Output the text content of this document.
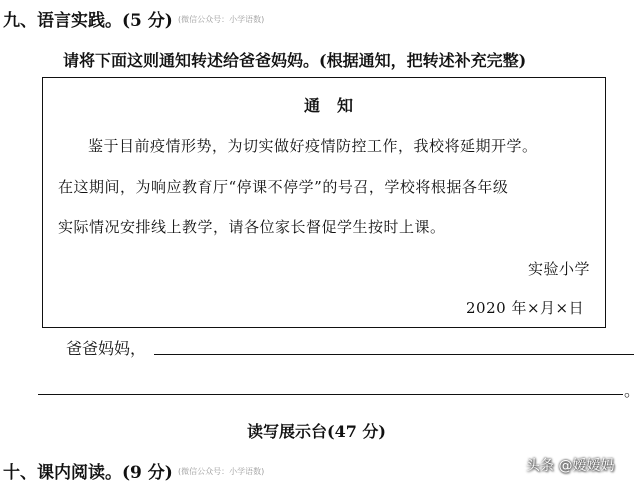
九、语言实践。(5 分) (微信公众号：小学语数)
请将下面这则通知转述给爸爸妈妈。(根据通知，把转述补充完整)
通　知
鉴于目前疫情形势，为切实做好疫情防控工作，我校将延期开学。
在这期间，为响应教育厅“停课不停学”的号召，学校将根据各年级
实际情况安排线上教学，请各位家长督促学生按时上课。
实验小学
2020 年×月×日
爸爸妈妈，
。
读写展示台(47 分)
十、课内阅读。(9 分) (微信公众号：小学语数)	头条 @嫒嫒妈
